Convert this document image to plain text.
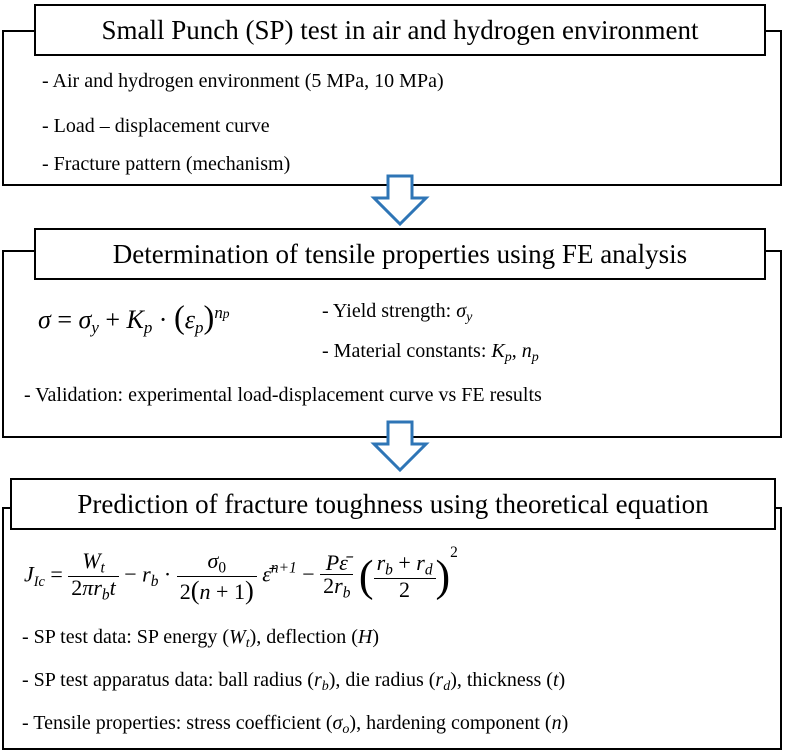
Small Punch (SP) test in air and hydrogen environment
- Air and hydrogen environment (5 MPa, 10 MPa)
- Load – displacement curve
- Fracture pattern (mechanism)
Determination of tensile properties using FE analysis
$\sigma = \sigma_y + K_p \cdot (\varepsilon_p)^{np}$	- Yield strength: $\sigma_y$
- Material constants: $K_p$, $n_p$
- Validation: experimental load-displacement curve vs FE results
Prediction of fracture toughness using theoretical equation
$J_{Ic} = \frac{W_t}{2\pi r_bt} - r_b \cdot \frac{\sigma_0}{2(n + 1)}$ ε̄$^{n+1}$ − $\frac{P\varepsilon̄}{2r_b}$ ( $\frac{r_b + r_d}{2} )^2$
- SP test data: SP energy $(W_t)$, deflection (H)
- SP test apparatus data: ball radius $(r_b)$, die radius $(r_d)$, thickness (t)
- Tensile properties: stress coefficient $(\sigma_o)$, hardening component (n)
